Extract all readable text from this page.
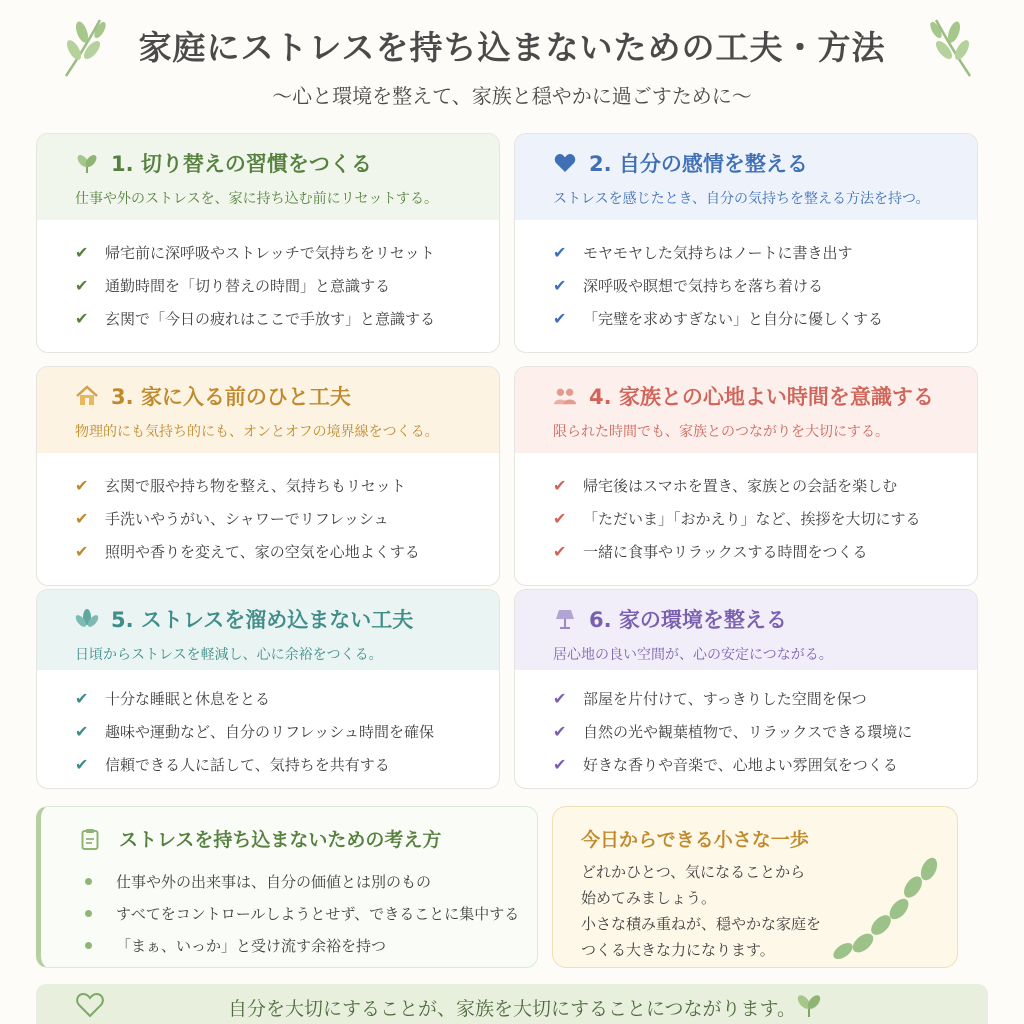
家庭にストレスを持ち込まないための工夫・方法
〜心と環境を整えて、家族と穏やかに過ごすために〜
1. 切り替えの習慣をつくる
仕事や外のストレスを、家に持ち込む前にリセットする。
✔	帰宅前に深呼吸やストレッチで気持ちをリセット
✔	通勤時間を「切り替えの時間」と意識する
✔	玄関で「今日の疲れはここで手放す」と意識する
2. 自分の感情を整える
ストレスを感じたとき、自分の気持ちを整える方法を持つ。
✔	モヤモヤした気持ちはノートに書き出す
✔	深呼吸や瞑想で気持ちを落ち着ける
✔	「完璧を求めすぎない」と自分に優しくする
3. 家に入る前のひと工夫
物理的にも気持ち的にも、オンとオフの境界線をつくる。
✔	玄関で服や持ち物を整え、気持ちもリセット
✔	手洗いやうがい、シャワーでリフレッシュ
✔	照明や香りを変えて、家の空気を心地よくする
4. 家族との心地よい時間を意識する
限られた時間でも、家族とのつながりを大切にする。
✔	帰宅後はスマホを置き、家族との会話を楽しむ
✔	「ただいま」「おかえり」など、挨拶を大切にする
✔	一緒に食事やリラックスする時間をつくる
5. ストレスを溜め込まない工夫
日頃からストレスを軽減し、心に余裕をつくる。
✔	十分な睡眠と休息をとる
✔	趣味や運動など、自分のリフレッシュ時間を確保
✔	信頼できる人に話して、気持ちを共有する
6. 家の環境を整える
居心地の良い空間が、心の安定につながる。
✔	部屋を片付けて、すっきりした空間を保つ
✔	自然の光や観葉植物で、リラックスできる環境に
✔	好きな香りや音楽で、心地よい雰囲気をつくる
ストレスを持ち込まないための考え方
仕事や外の出来事は、自分の価値とは別のもの
すべてをコントロールしようとせず、できることに集中する
「まぁ、いっか」と受け流す余裕を持つ
今日からできる小さな一歩
どれかひとつ、気になることから
始めてみましょう。
小さな積み重ねが、穏やかな家庭を
つくる大きな力になります。
自分を大切にすることが、家族を大切にすることにつながります。
